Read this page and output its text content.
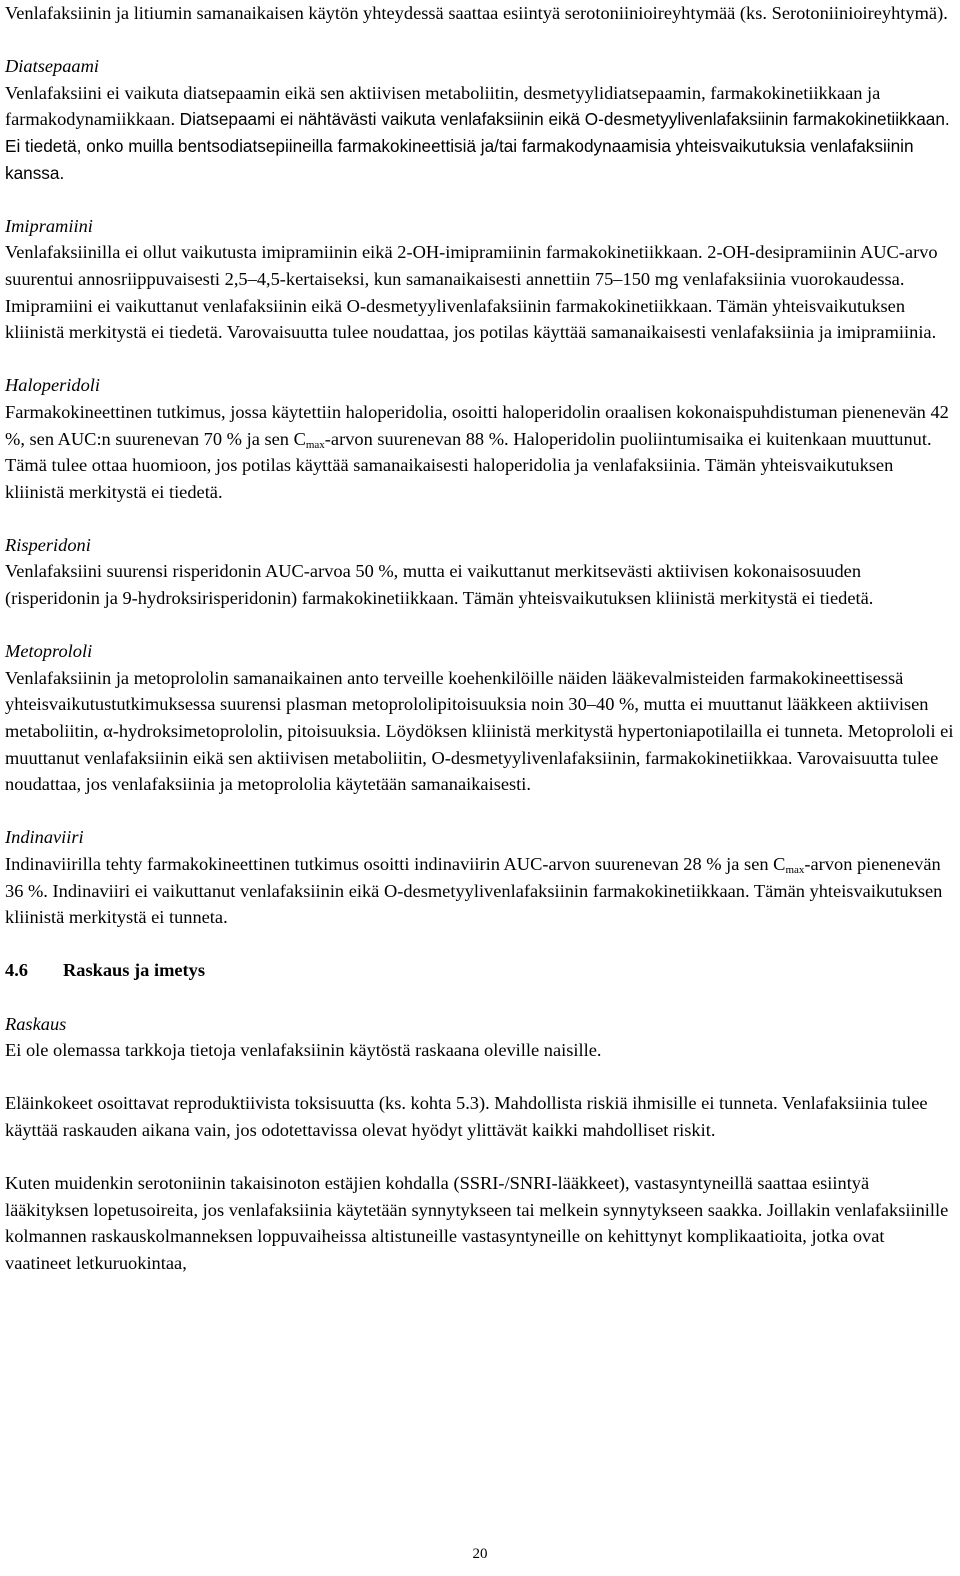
Venlafaksiinin ja litiumin samanaikaisen käytön yhteydessä saattaa esiintyä serotoniinioireyhtymää (ks. Serotoniinioireyhtymä).

Diatsepaami

Venlafaksiini ei vaikuta diatsepaamin eikä sen aktiivisen metaboliitin, desmetyylidiatsepaamin, farmakokinetiikkaan ja farmakodynamiikkaan. Diatsepaami ei nähtävästi vaikuta venlafaksiinin eikä O-desmetyylivenlafaksiinin farmakokinetiikkaan. Ei tiedetä, onko muilla bentsodiatsepiineilla farmakokineettisiä ja/tai farmakodynaamisia yhteisvaikutuksia venlafaksiinin kanssa.

Imipramiini

Venlafaksiinilla ei ollut vaikutusta imipramiinin eikä 2-OH-imipramiinin farmakokinetiikkaan. 2-OH-desipramiinin AUC-arvo suurentui annosriippuvaisesti 2,5–4,5-kertaiseksi, kun samanaikaisesti annettiin 75–150 mg venlafaksiinia vuorokaudessa. Imipramiini ei vaikuttanut venlafaksiinin eikä O-desmetyylivenlafaksiinin farmakokinetiikkaan. Tämän yhteisvaikutuksen kliinistä merkitystä ei tiedetä. Varovaisuutta tulee noudattaa, jos potilas käyttää samanaikaisesti venlafaksiinia ja imipramiinia.

Haloperidoli

Farmakokineettinen tutkimus, jossa käytettiin haloperidolia, osoitti haloperidolin oraalisen kokonaispuhdistuman pienenevän 42 %, sen AUC:n suurenevan 70 % ja sen $C_{max}$-arvon suurenevan 88 %. Haloperidolin puoliintumisaika ei kuitenkaan muuttunut. Tämä tulee ottaa huomioon, jos potilas käyttää samanaikaisesti haloperidolia ja venlafaksiinia. Tämän yhteisvaikutuksen kliinistä merkitystä ei tiedetä.

Risperidoni

Venlafaksiini suurensi risperidonin AUC-arvoa 50 %, mutta ei vaikuttanut merkitsevästi aktiivisen kokonaisosuuden (risperidonin ja 9-hydroksirisperidonin) farmakokinetiikkaan. Tämän yhteisvaikutuksen kliinistä merkitystä ei tiedetä.

Metoprololi

Venlafaksiinin ja metoprololin samanaikainen anto terveille koehenkilöille näiden lääkevalmisteiden farmakokineettisessä yhteisvaikutustutkimuksessa suurensi plasman metoprololipitoisuuksia noin 30–40 %, mutta ei muuttanut lääkkeen aktiivisen metaboliitin, α-hydroksimetoprololin, pitoisuuksia. Löydöksen kliinistä merkitystä hypertoniapotilailla ei tunneta. Metoprololi ei muuttanut venlafaksiinin eikä sen aktiivisen metaboliitin, O-desmetyylivenlafaksiinin, farmakokinetiikkaa. Varovaisuutta tulee noudattaa, jos venlafaksiinia ja metoprololia käytetään samanaikaisesti.

Indinaviiri

Indinaviirilla tehty farmakokineettinen tutkimus osoitti indinaviirin AUC-arvon suurenevan 28 % ja sen $C_{max}$-arvon pienenevän 36 %. Indinaviiri ei vaikuttanut venlafaksiinin eikä O-desmetyylivenlafaksiinin farmakokinetiikkaan. Tämän yhteisvaikutuksen kliinistä merkitystä ei tunneta.

4.6	Raskaus ja imetys

Raskaus

Ei ole olemassa tarkkoja tietoja venlafaksiinin käytöstä raskaana oleville naisille.

Eläinkokeet osoittavat reproduktiivista toksisuutta (ks. kohta 5.3). Mahdollista riskiä ihmisille ei tunneta. Venlafaksiinia tulee käyttää raskauden aikana vain, jos odotettavissa olevat hyödyt ylittävät kaikki mahdolliset riskit.

Kuten muidenkin serotoniinin takaisinoton estäjien kohdalla (SSRI-/SNRI-lääkkeet), vastasyntyneillä saattaa esiintyä lääkityksen lopetusoireita, jos venlafaksiinia käytetään synnytykseen tai melkein synnytykseen saakka. Joillakin venlafaksiinille kolmannen raskauskolmanneksen loppuvaiheissa altistuneille vastasyntyneille on kehittynyt komplikaatioita, jotka ovat vaatineet letkuruokintaa,

20
